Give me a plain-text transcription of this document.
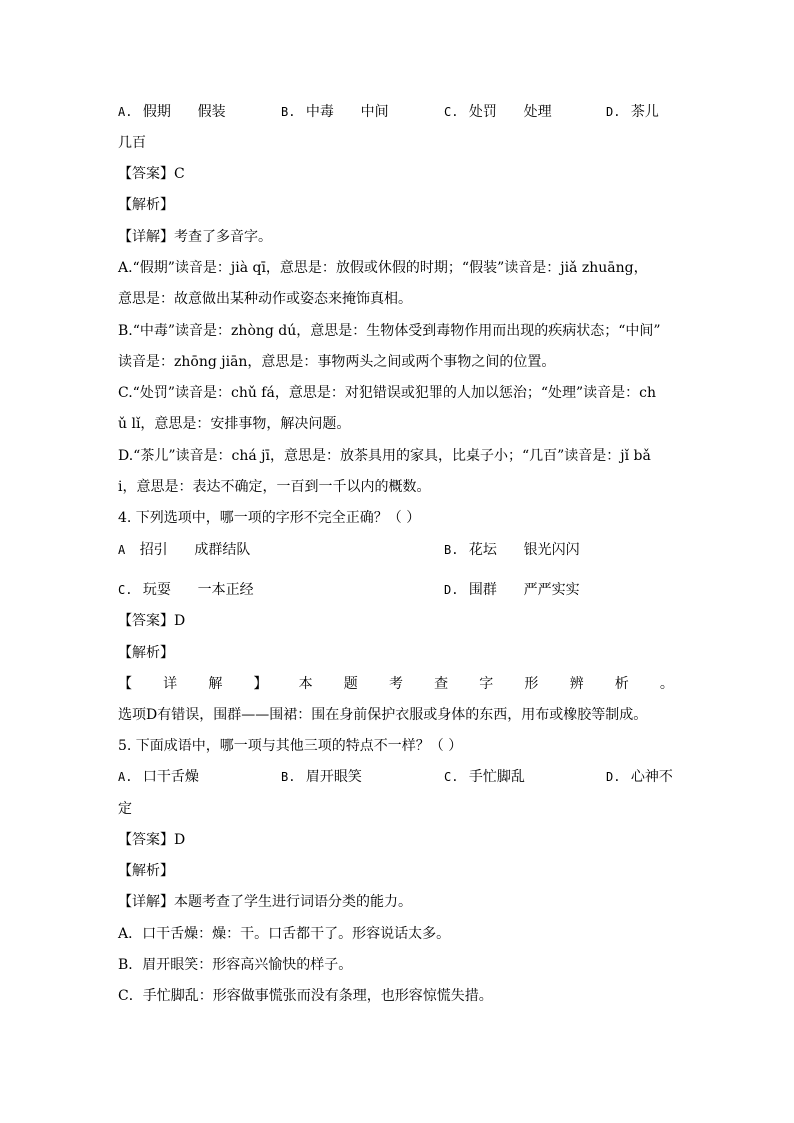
A. 假期      假装	B. 中毒      中间	C. 处罚      处理	D. 茶儿
几百
【答案】C
【解析】
【详解】考查了多音字。
A.“假期”读音是：jià qī，意思是：放假或休假的时期；“假装”读音是：jiǎ zhuāng，
意思是：故意做出某种动作或姿态来掩饰真相。
B.“中毒”读音是：zhòng dú，意思是：生物体受到毒物作用而出现的疾病状态；“中间”
读音是：zhōng jiān，意思是：事物两头之间或两个事物之间的位置。
C.“处罚”读音是：chǔ fá，意思是：对犯错误或犯罪的人加以惩治；“处理”读音是：ch
ǔ lǐ，意思是：安排事物，解决问题。
D.“茶儿”读音是：chá jī，意思是：放茶具用的家具，比桌子小；“几百”读音是：jǐ bǎ
i，意思是：表达不确定，一百到一千以内的概数。
4. 下列选项中，哪一项的字形不完全正确？（ ）
A 招引      成群结队	B. 花坛      银光闪闪
C. 玩耍      一本正经	D. 围群      严严实实
【答案】D
【解析】
【 详 解 】 本 题 考 查 字 形 辨 析 。
选项D有错误，围群——围裙：围在身前保护衣服或身体的东西，用布或橡胶等制成。
5. 下面成语中，哪一项与其他三项的特点不一样？（ ）
A. 口干舌燥	B. 眉开眼笑	C. 手忙脚乱	D. 心神不
定
【答案】D
【解析】
【详解】本题考查了学生进行词语分类的能力。
A．口干舌燥：燥：干。口舌都干了。形容说话太多。
B．眉开眼笑：形容高兴愉快的样子。
C．手忙脚乱：形容做事慌张而没有条理，也形容惊慌失措。
